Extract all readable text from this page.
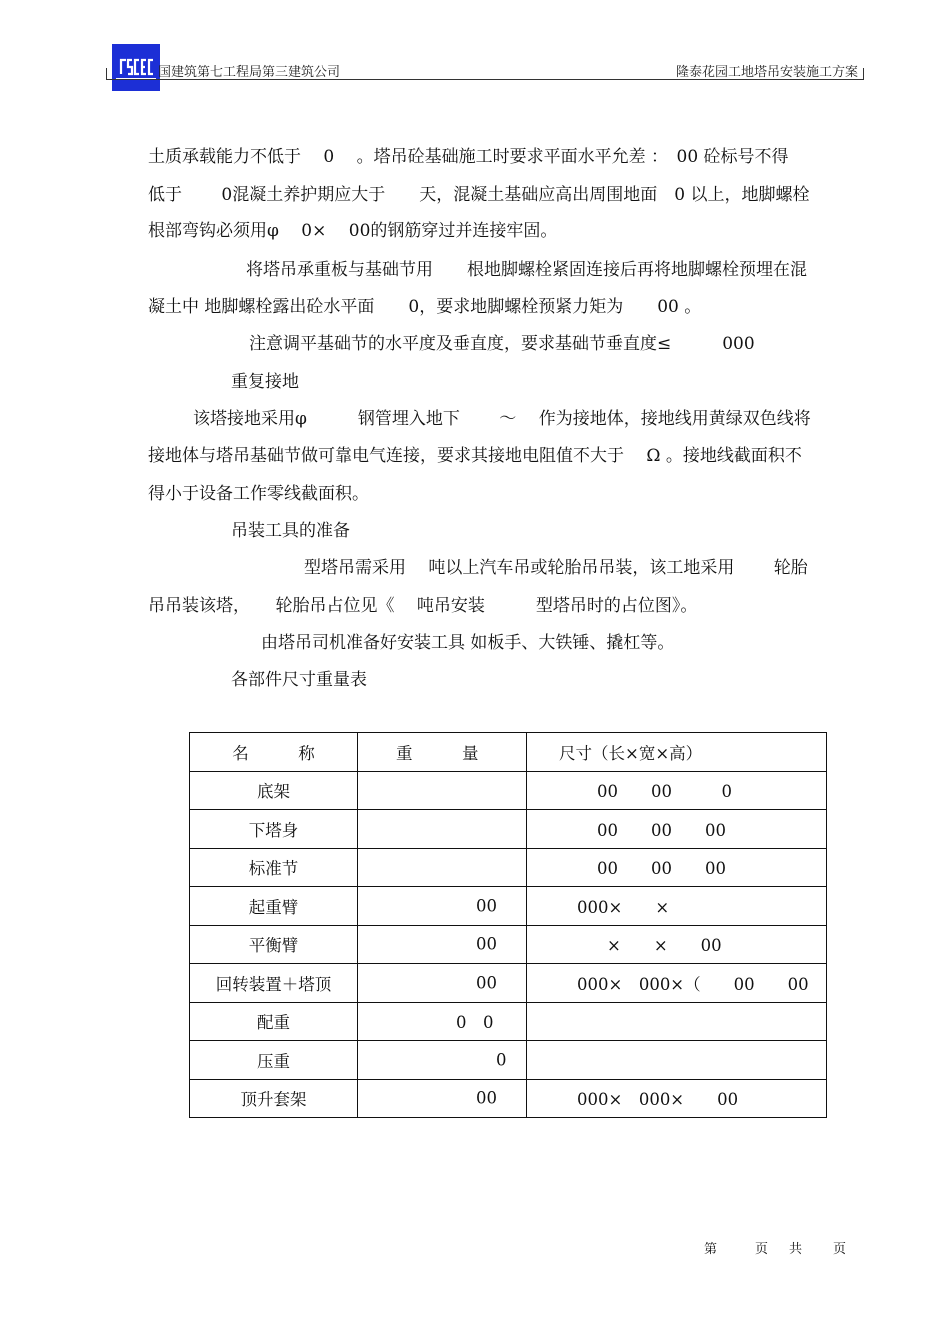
国建筑第七工程局第三建筑公司	隆泰花园工地塔吊安装施工方案
土质承载能力不低于　 0　 。塔吊砼基础施工时要求平面水平允差 ：　00 砼标号不得
低于　　 0混凝土养护期应大于　　天，混凝土基础应高出周围地面　0 以上，地脚螺栓
根部弯钩必须用φ　 0×　 00的钢筋穿过并连接牢固。
将塔吊承重板与基础节用　　根地脚螺栓紧固连接后再将地脚螺栓预埋在混
凝土中 地脚螺栓露出砼水平面　　0，要求地脚螺栓预紧力矩为　　00 。
注意调平基础节的水平度及垂直度，要求基础节垂直度≤　　　000
重复接地
该塔接地采用φ　　　钢管埋入地下　　 ～　 作为接地体，接地线用黄绿双色线将
接地体与塔吊基础节做可靠电气连接，要求其接地电阻值不大于　 Ω 。接地线截面积不
得小于设备工作零线截面积。
吊装工具的准备
型塔吊需采用　 吨以上汽车吊或轮胎吊吊装，该工地采用　　 轮胎
吊吊装该塔，　　轮胎吊占位见《　 吨吊安装　　　型塔吊时的占位图》。
由塔吊司机准备好安装工具 如板手、大铁锤、撬杠等。
各部件尺寸重量表
名　　　称	重　　　量	尺寸（长×宽×高）

底架		00　　00　　　0

下塔身		00　　00　　00

标准节		00　　00　　00

起重臂	00	000×　　×

平衡臂	00	×　　×　　00

回转装置＋塔顶	00	000×　000×（　　00　　00

配重	0　0	

压重	0	

顶升套架	00	000×　000×　　00
第	页 共 页
